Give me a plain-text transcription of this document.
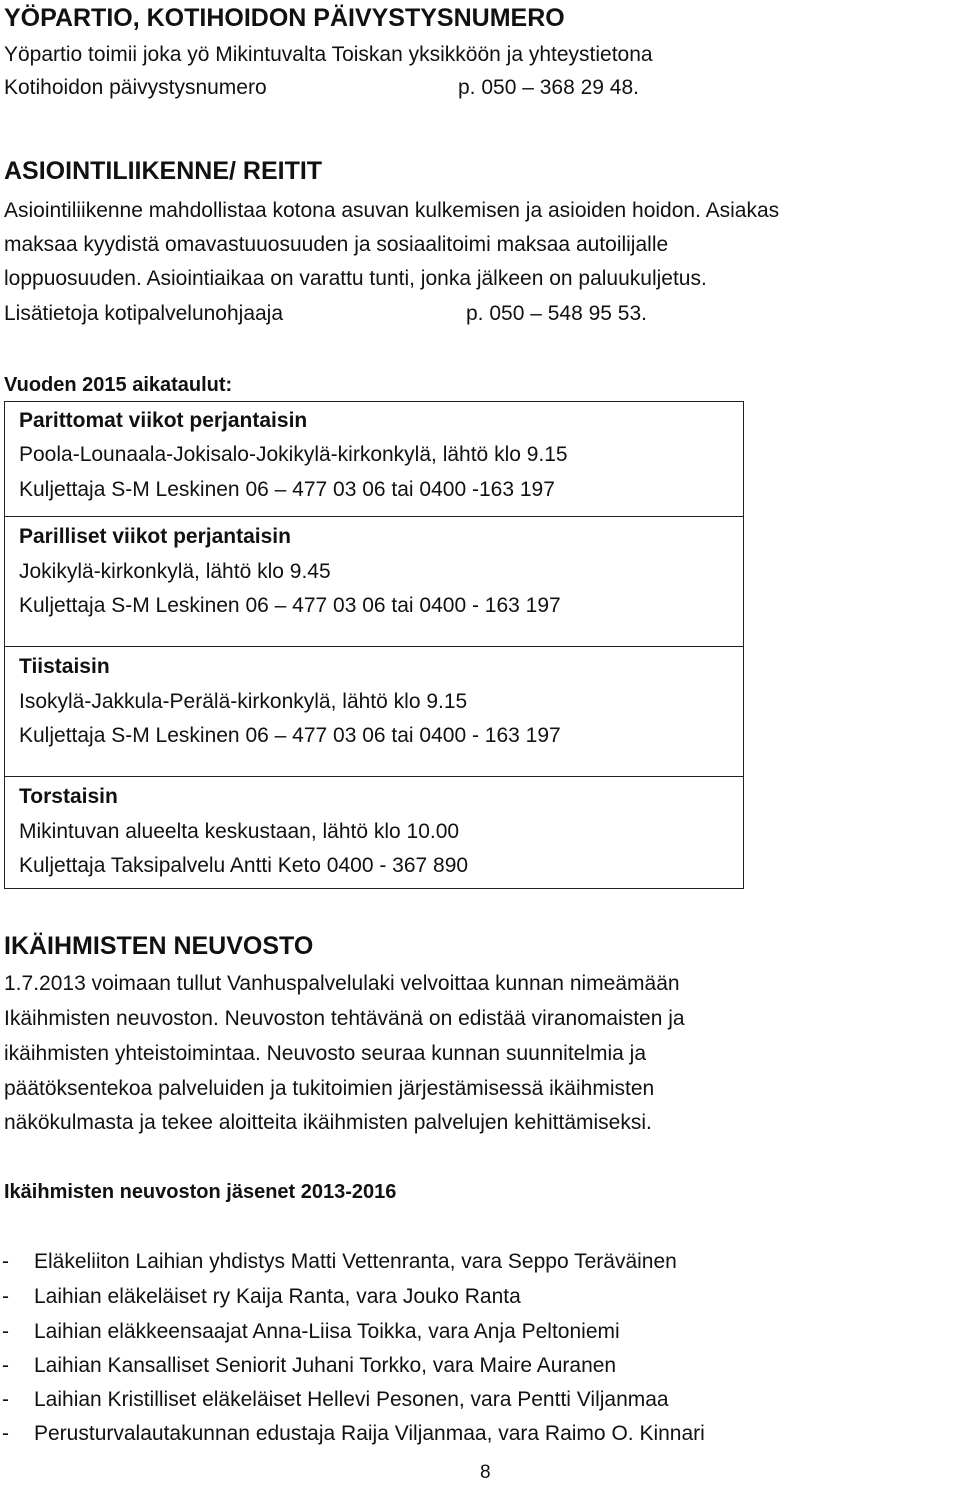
YÖPARTIO, KOTIHOIDON PÄIVYSTYSNUMERO
Yöpartio toimii joka yö Mikintuvalta Toiskan yksikköön ja yhteystietona
Kotihoidon päivystysnumero	p. 050 – 368 29 48.
ASIOINTILIIKENNE/ REITIT
Asiointiliikenne mahdollistaa kotona asuvan kulkemisen ja asioiden hoidon. Asiakas
maksaa kyydistä omavastuuosuuden ja sosiaalitoimi maksaa autoilijalle
loppuosuuden. Asiointiaikaa on varattu tunti, jonka jälkeen on paluukuljetus.
Lisätietoja kotipalvelunohjaaja	p. 050 – 548 95 53.
Vuoden 2015 aikataulut:
Parittomat viikot perjantaisin
Poola-Lounaala-Jokisalo-Jokikylä-kirkonkylä, lähtö klo 9.15
Kuljettaja S-M Leskinen 06 – 477 03 06 tai 0400 -163 197
Parilliset viikot perjantaisin
Jokikylä-kirkonkylä, lähtö klo 9.45
Kuljettaja S-M Leskinen 06 – 477 03 06 tai 0400 - 163 197
Tiistaisin
Isokylä-Jakkula-Perälä-kirkonkylä, lähtö klo 9.15
Kuljettaja S-M Leskinen 06 – 477 03 06 tai 0400 - 163 197
Torstaisin
Mikintuvan alueelta keskustaan, lähtö klo 10.00
Kuljettaja Taksipalvelu Antti Keto 0400 - 367 890
IKÄIHMISTEN NEUVOSTO
1.7.2013 voimaan tullut Vanhuspalvelulaki velvoittaa kunnan nimeämään
Ikäihmisten neuvoston. Neuvoston tehtävänä on edistää viranomaisten ja
ikäihmisten yhteistoimintaa. Neuvosto seuraa kunnan suunnitelmia ja
päätöksentekoa palveluiden ja tukitoimien järjestämisessä ikäihmisten
näkökulmasta ja tekee aloitteita ikäihmisten palvelujen kehittämiseksi.
Ikäihmisten neuvoston jäsenet 2013-2016
- Eläkeliiton Laihian yhdistys Matti Vettenranta, vara Seppo Teräväinen
- Laihian eläkeläiset ry Kaija Ranta, vara Jouko Ranta
- Laihian eläkkeensaajat Anna-Liisa Toikka, vara Anja Peltoniemi
- Laihian Kansalliset Seniorit Juhani Torkko, vara Maire Auranen
- Laihian Kristilliset eläkeläiset Hellevi Pesonen, vara Pentti Viljanmaa
- Perusturvalautakunnan edustaja Raija Viljanmaa, vara Raimo O. Kinnari
8
